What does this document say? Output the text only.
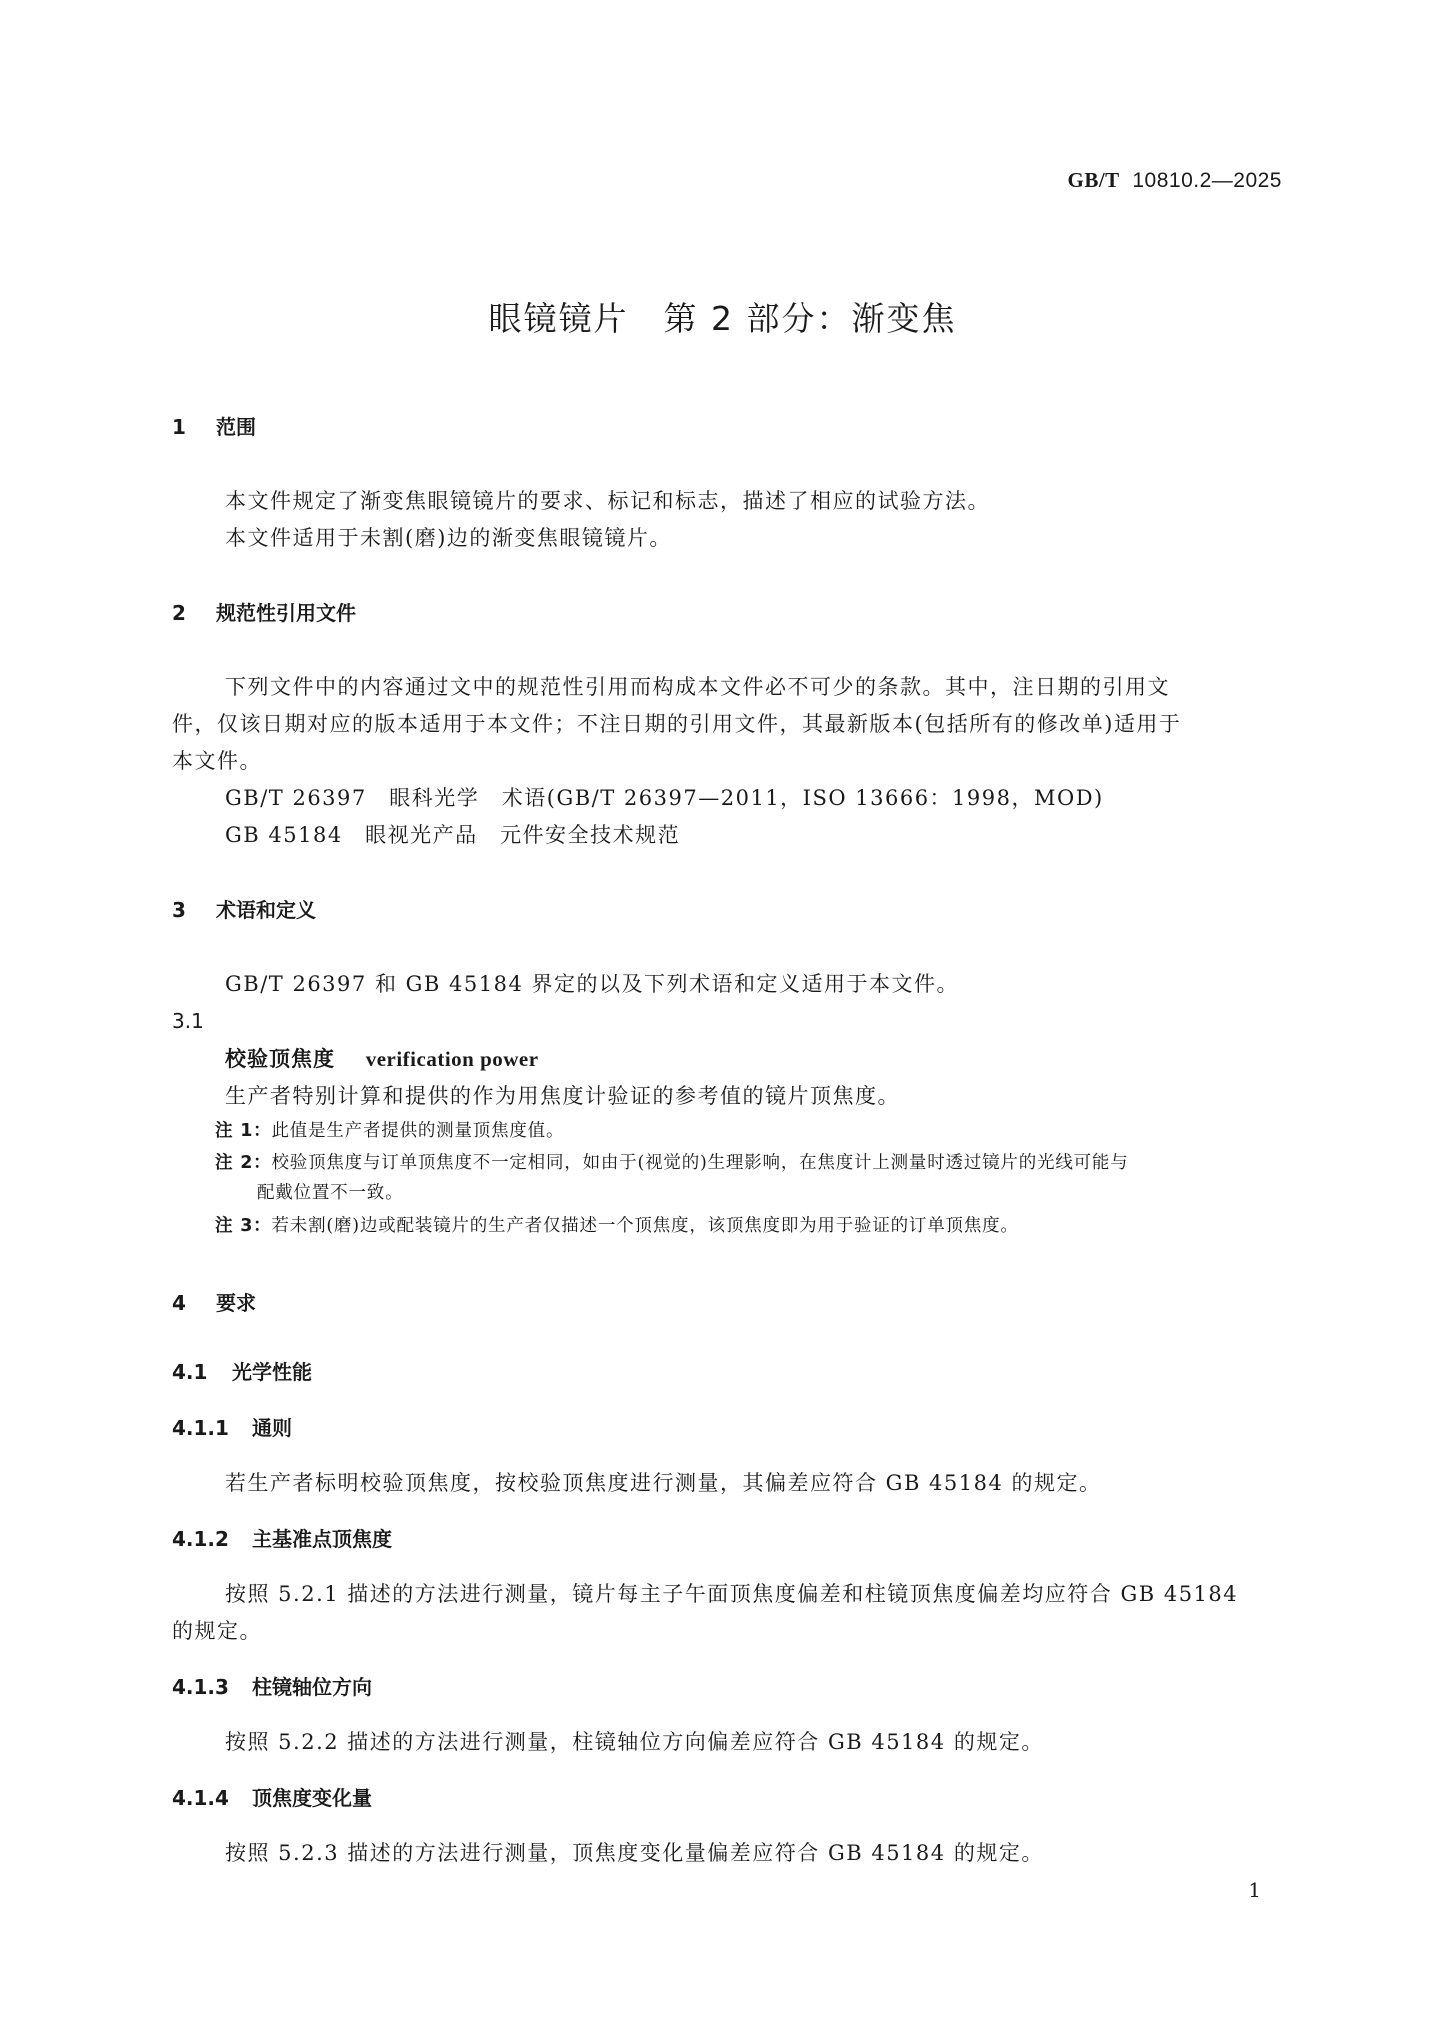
GB/T 10810.2—2025
眼镜镜片　第 2 部分：渐变焦
1 范围
本文件规定了渐变焦眼镜镜片的要求、标记和标志，描述了相应的试验方法。
本文件适用于未割(磨)边的渐变焦眼镜镜片。
2 规范性引用文件
下列文件中的内容通过文中的规范性引用而构成本文件必不可少的条款。其中，注日期的引用文
件，仅该日期对应的版本适用于本文件；不注日期的引用文件，其最新版本(包括所有的修改单)适用于
本文件。
GB/T 26397　眼科光学　术语(GB/T 26397—2011，ISO 13666：1998，MOD)
GB 45184　眼视光产品　元件安全技术规范
3 术语和定义
GB/T 26397 和 GB 45184 界定的以及下列术语和定义适用于本文件。
3.1
校验顶焦度 verification power
生产者特别计算和提供的作为用焦度计验证的参考值的镜片顶焦度。
注 1：此值是生产者提供的测量顶焦度值。
注 2：校验顶焦度与订单顶焦度不一定相同，如由于(视觉的)生理影响，在焦度计上测量时透过镜片的光线可能与
配戴位置不一致。
注 3：若未割(磨)边或配装镜片的生产者仅描述一个顶焦度，该顶焦度即为用于验证的订单顶焦度。
4 要求
4.1 光学性能
4.1.1 通则
若生产者标明校验顶焦度，按校验顶焦度进行测量，其偏差应符合 GB 45184 的规定。
4.1.2 主基准点顶焦度
按照 5.2.1 描述的方法进行测量，镜片每主子午面顶焦度偏差和柱镜顶焦度偏差均应符合 GB 45184
的规定。
4.1.3 柱镜轴位方向
按照 5.2.2 描述的方法进行测量，柱镜轴位方向偏差应符合 GB 45184 的规定。
4.1.4 顶焦度变化量
按照 5.2.3 描述的方法进行测量，顶焦度变化量偏差应符合 GB 45184 的规定。
1
